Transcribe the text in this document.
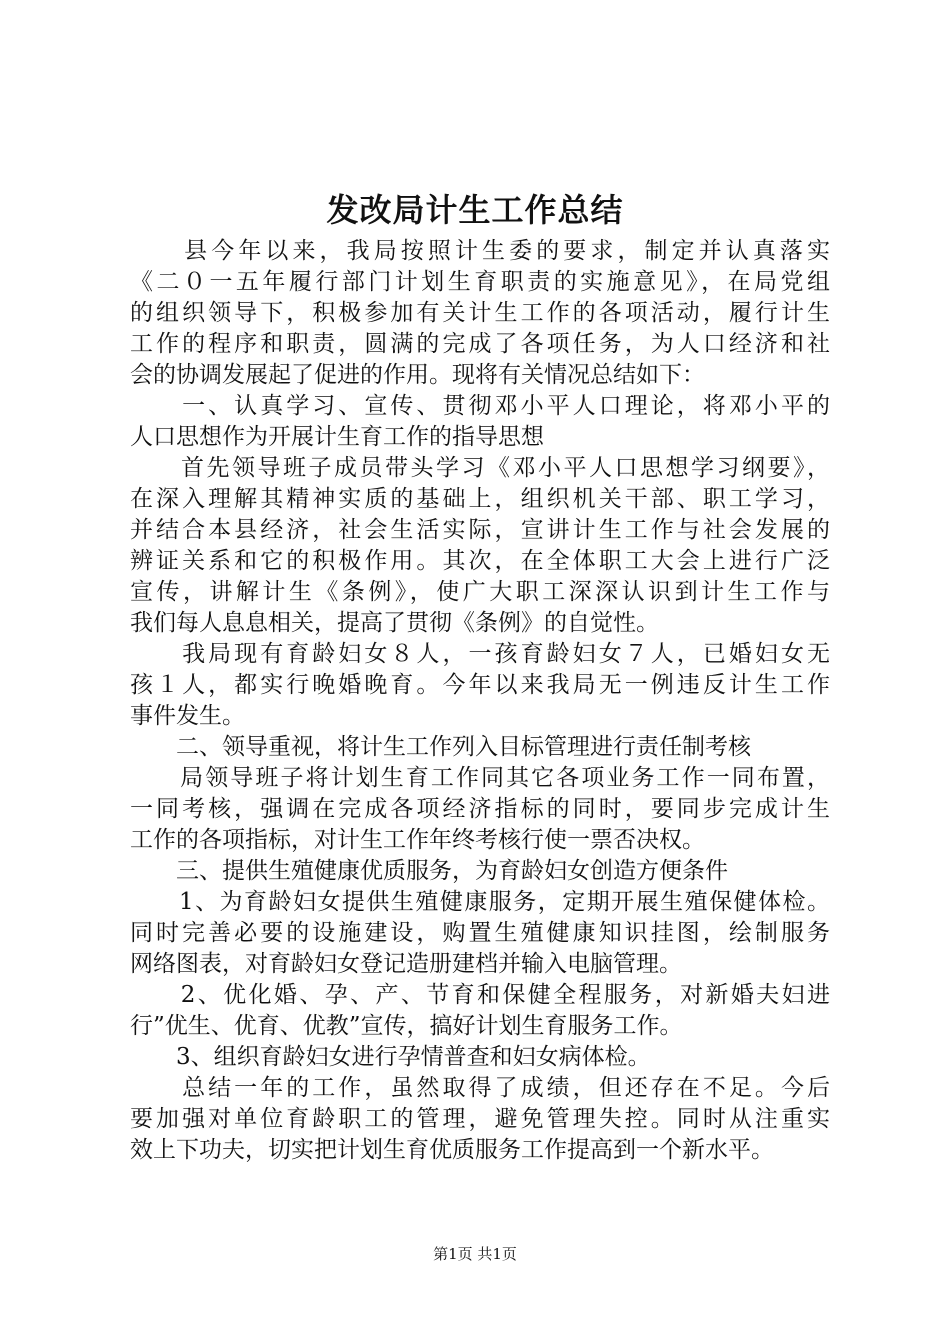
发改局计生工作总结
　　县今年以来，我局按照计生委的要求，制定并认真落实
《二０一五年履行部门计划生育职责的实施意见》，在局党组
的组织领导下，积极参加有关计生工作的各项活动，履行计生
工作的程序和职责，圆满的完成了各项任务，为人口经济和社
会的协调发展起了促进的作用。现将有关情况总结如下：
　　一、认真学习、宣传、贯彻邓小平人口理论，将邓小平的
人口思想作为开展计生育工作的指导思想
　　首先领导班子成员带头学习《邓小平人口思想学习纲要》，
在深入理解其精神实质的基础上，组织机关干部、职工学习，
并结合本县经济，社会生活实际，宣讲计生工作与社会发展的
辨证关系和它的积极作用。其次，在全体职工大会上进行广泛
宣传，讲解计生《条例》，使广大职工深深认识到计生工作与
我们每人息息相关，提高了贯彻《条例》的自觉性。
　　我局现有育龄妇女８人，一孩育龄妇女７人，已婚妇女无
孩１人，都实行晚婚晚育。今年以来我局无一例违反计生工作
事件发生。
　　二、领导重视，将计生工作列入目标管理进行责任制考核
　　局领导班子将计划生育工作同其它各项业务工作一同布置，
一同考核，强调在完成各项经济指标的同时，要同步完成计生
工作的各项指标，对计生工作年终考核行使一票否决权。
　　三、提供生殖健康优质服务，为育龄妇女创造方便条件
　　1、为育龄妇女提供生殖健康服务，定期开展生殖保健体检。
同时完善必要的设施建设，购置生殖健康知识挂图，绘制服务
网络图表，对育龄妇女登记造册建档并输入电脑管理。
　　2、优化婚、孕、产、节育和保健全程服务，对新婚夫妇进
行”优生、优育、优教”宣传，搞好计划生育服务工作。
　　3、组织育龄妇女进行孕情普查和妇女病体检。
　　总结一年的工作，虽然取得了成绩，但还存在不足。今后
要加强对单位育龄职工的管理，避免管理失控。同时从注重实
效上下功夫，切实把计划生育优质服务工作提高到一个新水平。
第1页 共1页
